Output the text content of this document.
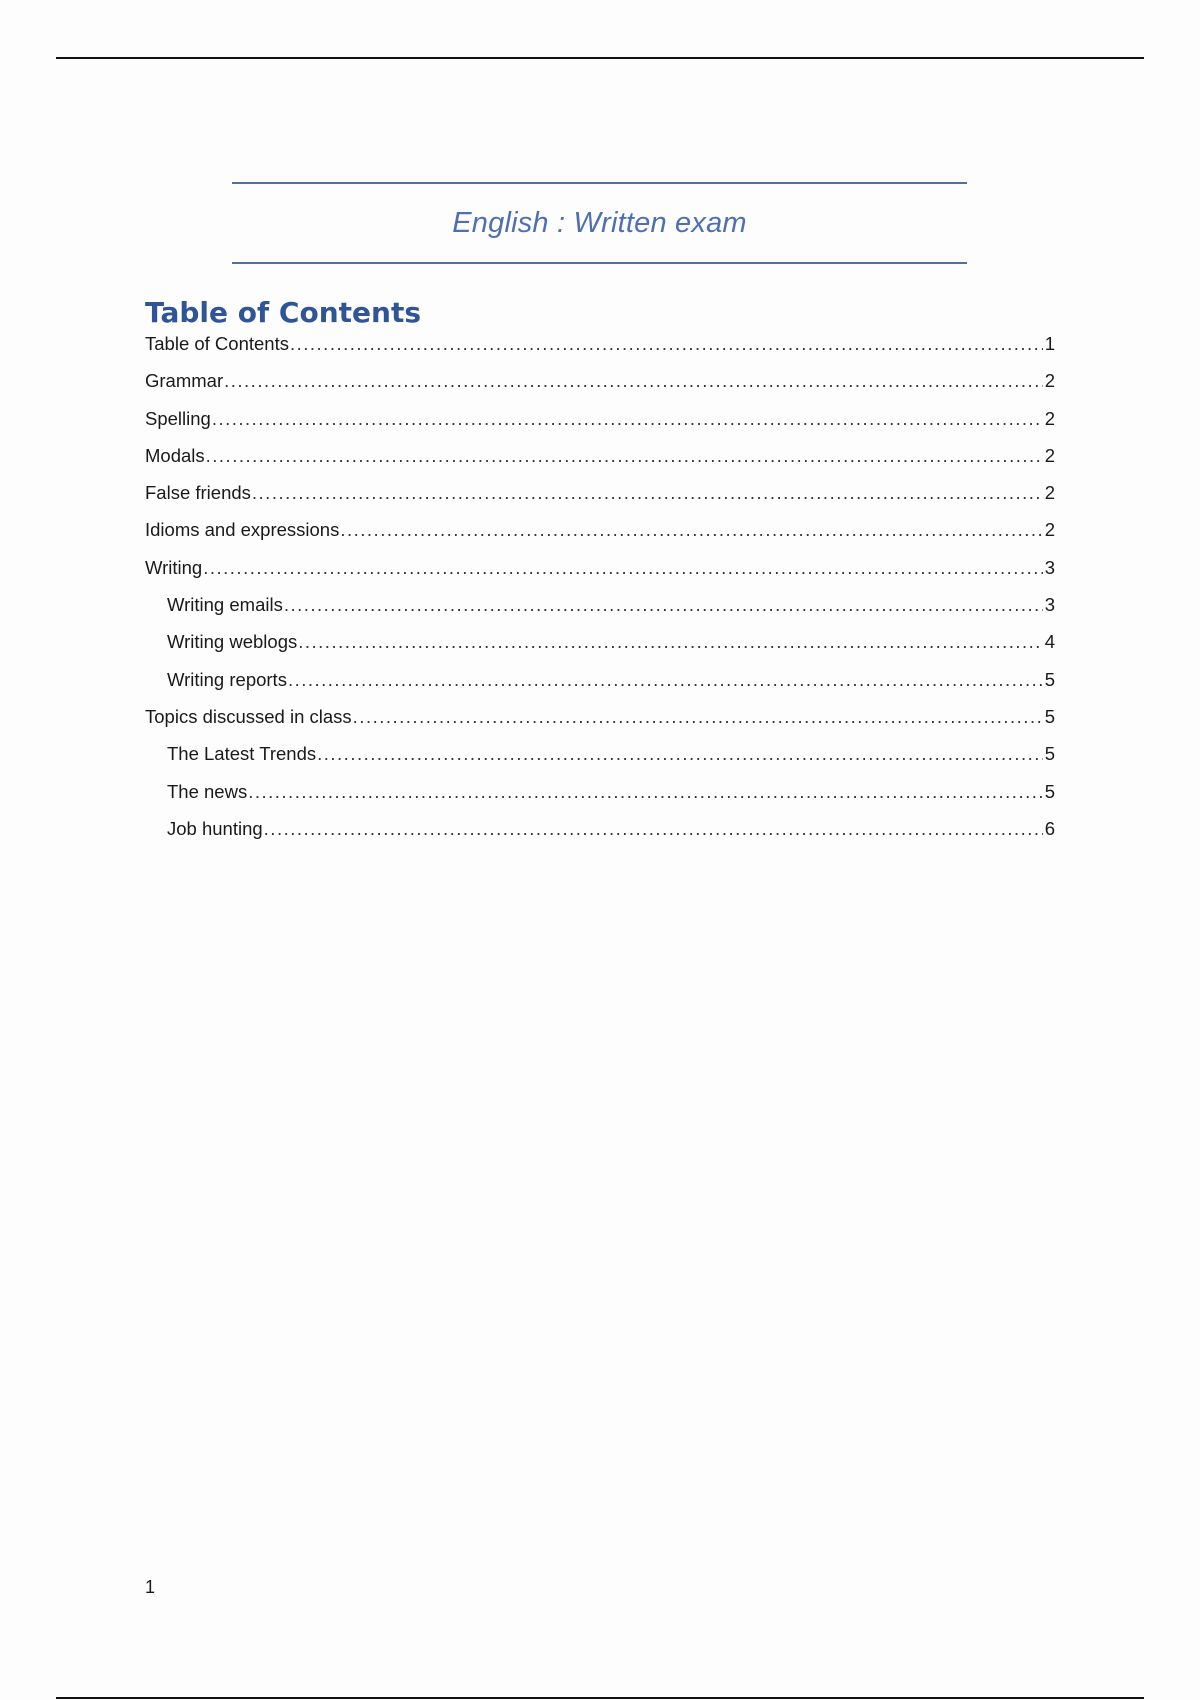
English : Written exam
Table of Contents
Table of Contents .....	1
Grammar .....	2
Spelling .....	2
Modals .....	2
False friends .....	2
Idioms and expressions .....	2
Writing .....	3
Writing emails .....	3
Writing weblogs .....	4
Writing reports .....	5
Topics discussed in class .....	5
The Latest Trends .....	5
The news .....	5
Job hunting .....	6
1
